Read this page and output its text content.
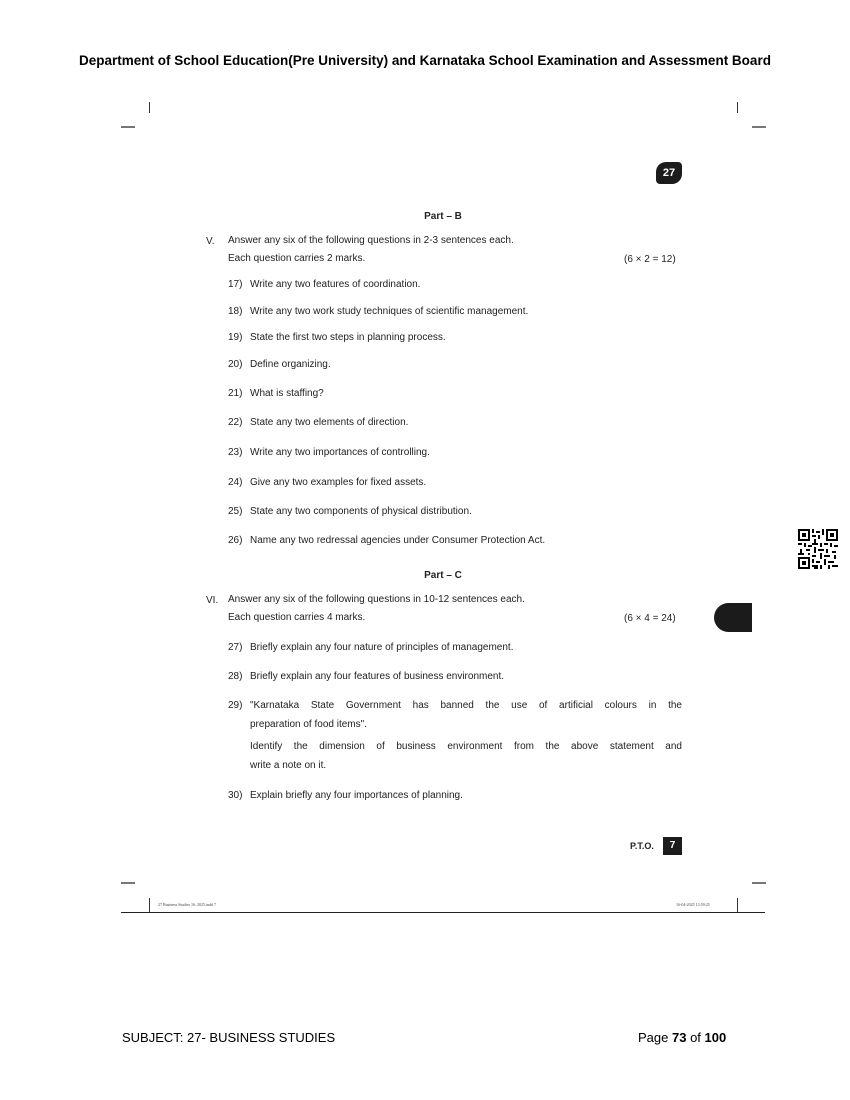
Department of School Education(Pre University) and Karnataka School Examination and Assessment Board
27
Part – B
V. Answer any six of the following questions in 2-3 sentences each.
Each question carries 2 marks.	(6 × 2 = 12)
17) Write any two features of coordination.
18) Write any two work study techniques of scientific management.
19) State the first two steps in planning process.
20) Define organizing.
21) What is staffing?
22) State any two elements of direction.
23) Write any two importances of controlling.
24) Give any two examples for fixed assets.
25) State any two components of physical distribution.
26) Name any two redressal agencies under Consumer Protection Act.
Part – C
VI. Answer any six of the following questions in 10-12 sentences each.
Each question carries 4 marks.	(6 × 4 = 24)
27) Briefly explain any four nature of principles of management.
28) Briefly explain any four features of business environment.
29) "Karnataka State Government has banned the use of artificial colours in the
preparation of food items".
Identify the dimension of business environment from the above statement and
write a note on it.
30) Explain briefly any four importances of planning.
P.T.O.	7
27 Business Studies 16. 2025.indd 7	16-04-2025 13:59:25
SUBJECT: 27- BUSINESS STUDIES	Page 73 of 100
